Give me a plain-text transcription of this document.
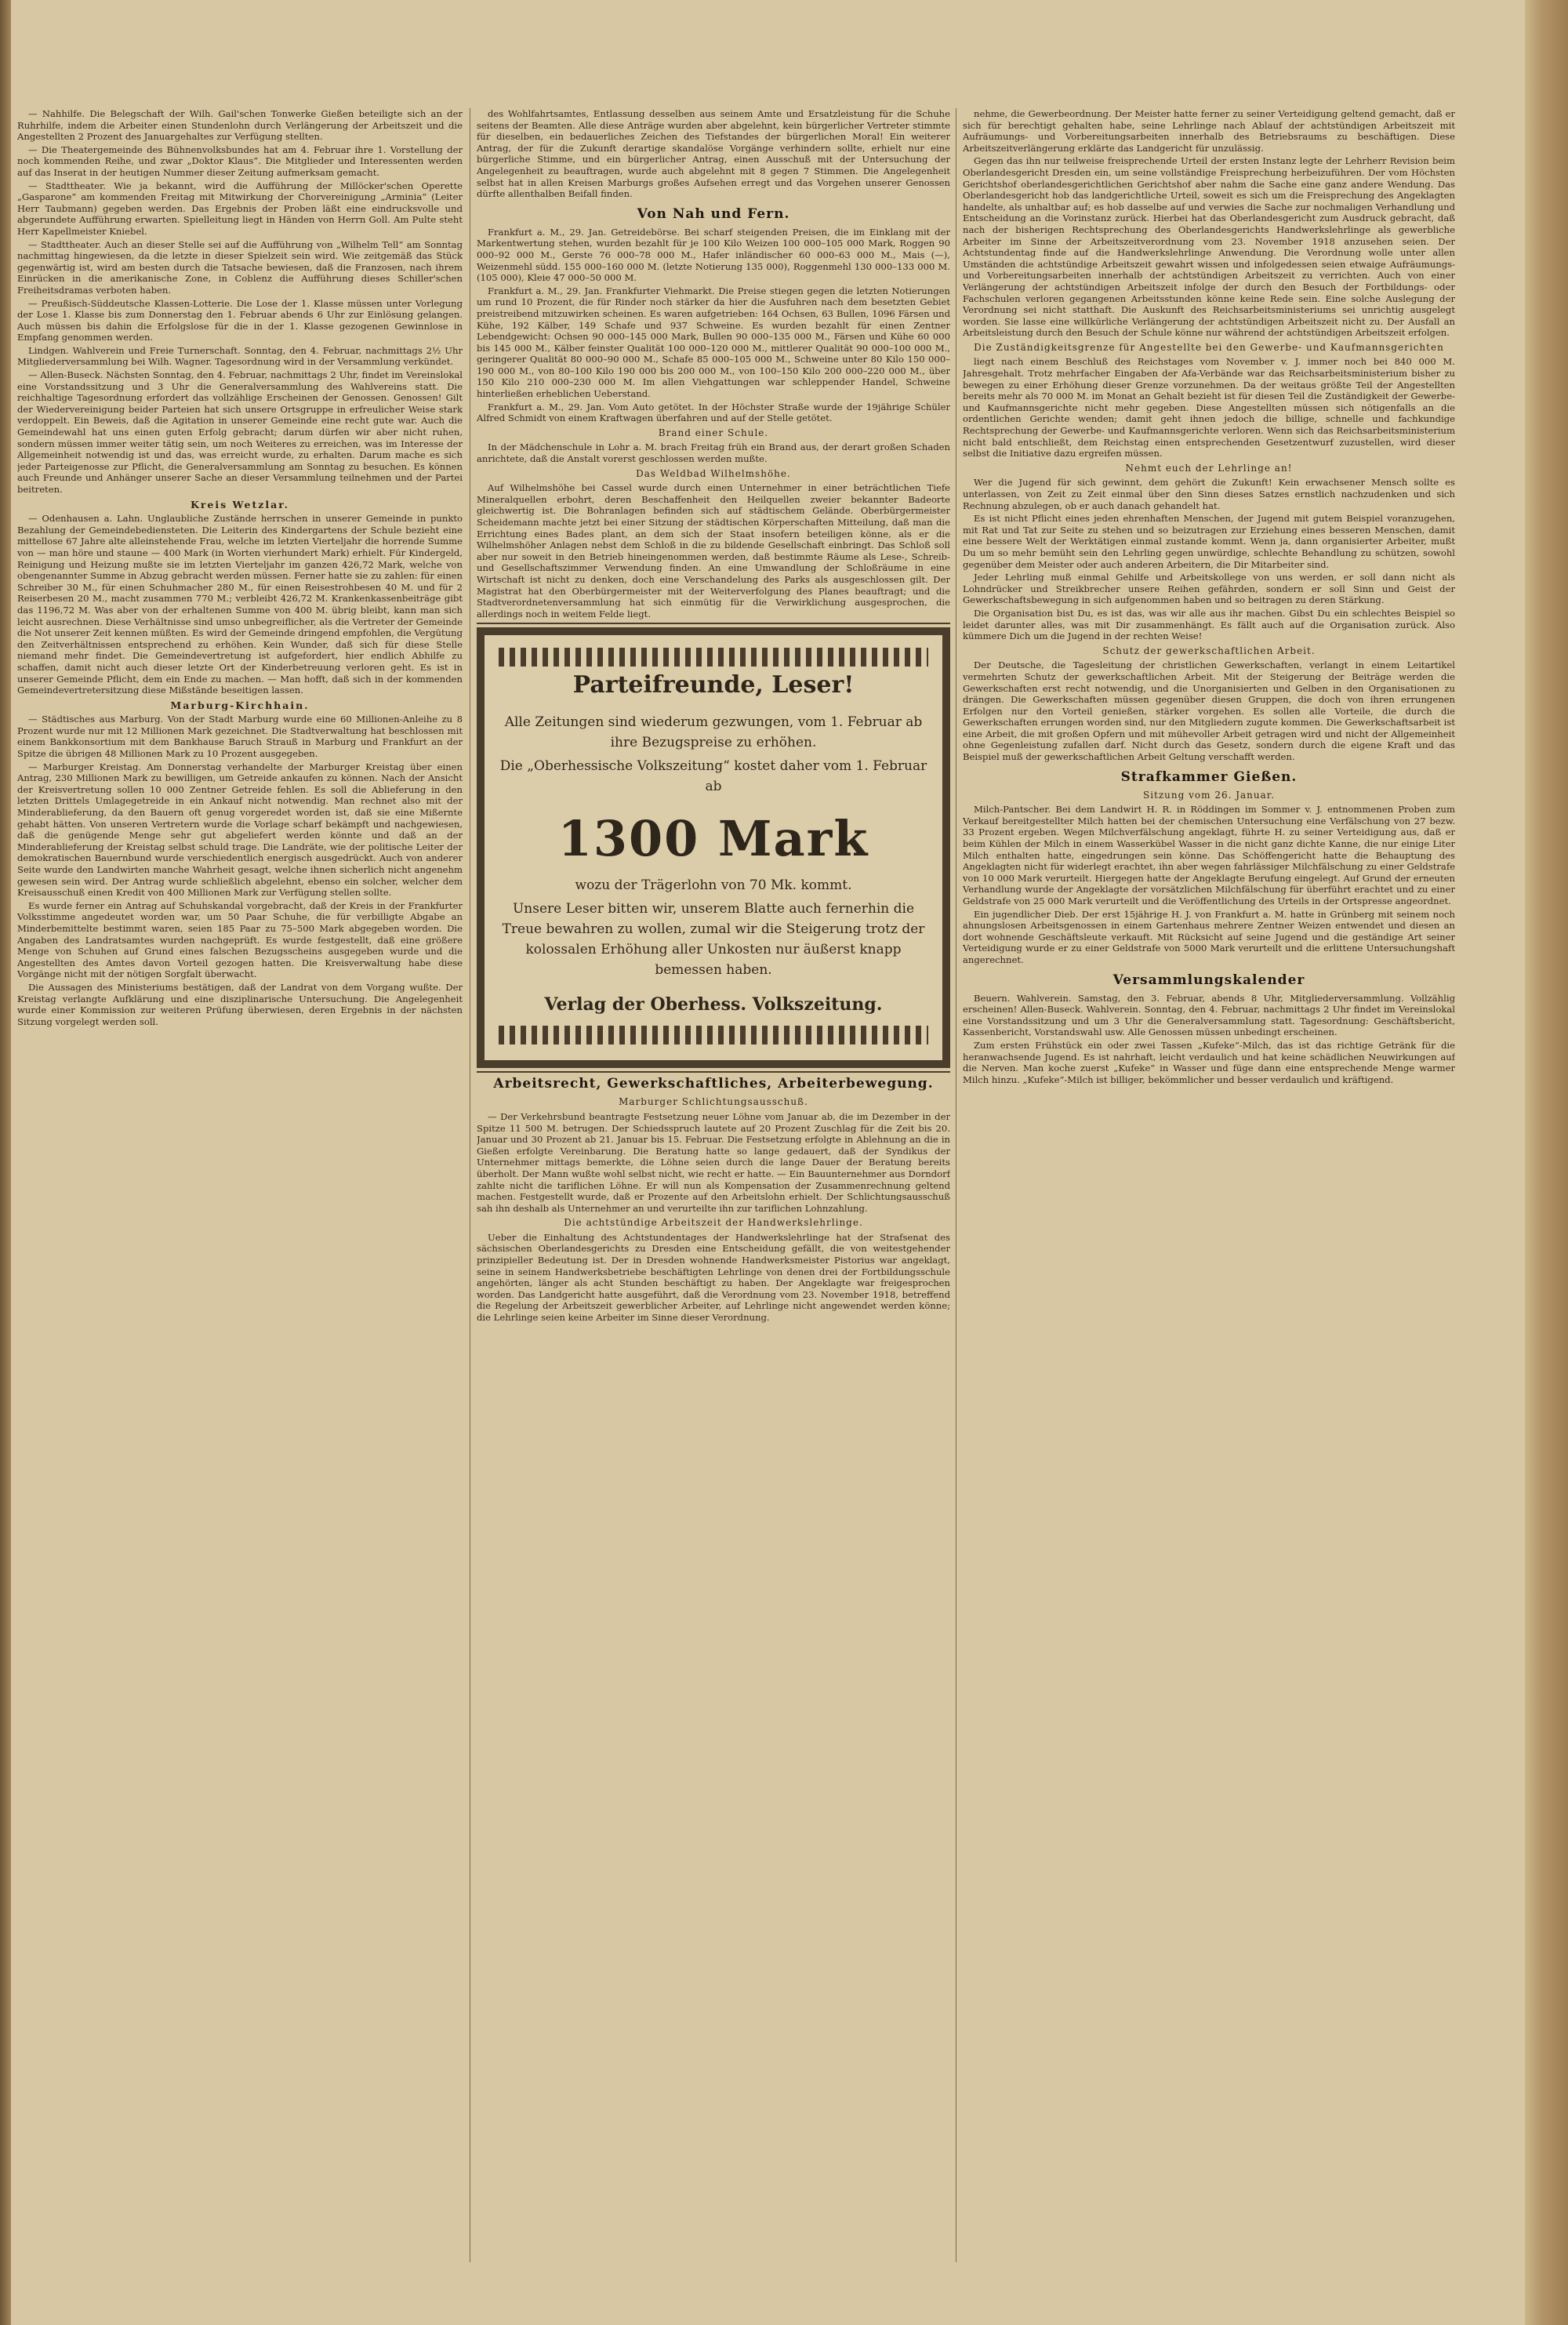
— Nahhilfe. Die Belegschaft der Wilh. Gail'schen Tonwerke Gießen beteiligte sich an der Ruhrhilfe, indem die Arbeiter einen Stundenlohn durch Verlängerung der Arbeitszeit und die Angestellten 2 Prozent des Januargehaltes zur Verfügung stellten.

— Die Theatergemeinde des Bühnenvolksbundes hat am 4. Februar ihre 1. Vorstellung der noch kommenden Reihe, und zwar „Doktor Klaus“. Die Mitglieder und Interessenten werden auf das Inserat in der heutigen Nummer dieser Zeitung aufmerksam gemacht.

— Stadttheater. Wie ja bekannt, wird die Aufführung der Millöcker'schen Operette „Gasparone“ am kommenden Freitag mit Mitwirkung der Chorvereinigung „Arminia“ (Leiter Herr Taubmann) gegeben werden. Das Ergebnis der Proben läßt eine eindrucksvolle und abgerundete Aufführung erwarten. Spielleitung liegt in Händen von Herrn Goll. Am Pulte steht Herr Kapellmeister Kniebel.

— Stadttheater. Auch an dieser Stelle sei auf die Aufführung von „Wilhelm Tell“ am Sonntag nachmittag hingewiesen, da die letzte in dieser Spielzeit sein wird. Wie zeitgemäß das Stück gegenwärtig ist, wird am besten durch die Tatsache bewiesen, daß die Franzosen, nach ihrem Einrücken in die amerikanische Zone, in Coblenz die Aufführung dieses Schiller'schen Freiheitsdramas verboten haben.

— Preußisch-Süddeutsche Klassen-Lotterie. Die Lose der 1. Klasse müssen unter Vorlegung der Lose 1. Klasse bis zum Donnerstag den 1. Februar abends 6 Uhr zur Einlösung gelangen. Auch müssen bis dahin die Erfolgslose für die in der 1. Klasse gezogenen Gewinnlose in Empfang genommen werden.

Lindgen. Wahlverein und Freie Turnerschaft. Sonntag, den 4. Februar, nachmittags 2½ Uhr Mitgliederversammlung bei Wilh. Wagner. Tagesordnung wird in der Versammlung verkündet.

— Allen-Buseck. Nächsten Sonntag, den 4. Februar, nachmittags 2 Uhr, findet im Vereinslokal eine Vorstandssitzung und 3 Uhr die Generalversammlung des Wahlvereins statt. Die reichhaltige Tagesordnung erfordert das vollzählige Erscheinen der Genossen. Genossen! Gilt der Wiedervereinigung beider Parteien hat sich unsere Ortsgruppe in erfreulicher Weise stark verdoppelt. Ein Beweis, daß die Agitation in unserer Gemeinde eine recht gute war. Auch die Gemeindewahl hat uns einen guten Erfolg gebracht; darum dürfen wir aber nicht ruhen, sondern müssen immer weiter tätig sein, um noch Weiteres zu erreichen, was im Interesse der Allgemeinheit notwendig ist und das, was erreicht wurde, zu erhalten. Darum mache es sich jeder Parteigenosse zur Pflicht, die Generalversammlung am Sonntag zu besuchen. Es können auch Freunde und Anhänger unserer Sache an dieser Versammlung teilnehmen und der Partei beitreten.

Kreis Wetzlar.

— Odenhausen a. Lahn. Unglaubliche Zustände herrschen in unserer Gemeinde in punkto Bezahlung der Gemeindebediensteten. Die Leiterin des Kindergartens der Schule bezieht eine mittellose 67 Jahre alte alleinstehende Frau, welche im letzten Vierteljahr die horrende Summe von — man höre und staune — 400 Mark (in Worten vierhundert Mark) erhielt. Für Kindergeld, Reinigung und Heizung mußte sie im letzten Vierteljahr im ganzen 426,72 Mark, welche von obengenannter Summe in Abzug gebracht werden müssen. Ferner hatte sie zu zahlen: für einen Schreiber 30 M., für einen Schuhmacher 280 M., für einen Reisestrohbesen 40 M. und für 2 Reiserbesen 20 M., macht zusammen 770 M.; verbleibt 426,72 M. Krankenkassenbeiträge gibt das 1196,72 M. Was aber von der erhaltenen Summe von 400 M. übrig bleibt, kann man sich leicht ausrechnen. Diese Verhältnisse sind umso unbegreiflicher, als die Vertreter der Gemeinde die Not unserer Zeit kennen müßten. Es wird der Gemeinde dringend empfohlen, die Vergütung den Zeitverhältnissen entsprechend zu erhöhen. Kein Wunder, daß sich für diese Stelle niemand mehr findet. Die Gemeindevertretung ist aufgefordert, hier endlich Abhilfe zu schaffen, damit nicht auch dieser letzte Ort der Kinderbetreuung verloren geht. Es ist in unserer Gemeinde Pflicht, dem ein Ende zu machen. — Man hofft, daß sich in der kommenden Gemeindevertretersitzung diese Mißstände beseitigen lassen.

Marburg-Kirchhain.

— Städtisches aus Marburg. Von der Stadt Marburg wurde eine 60 Millionen-Anleihe zu 8 Prozent wurde nur mit 12 Millionen Mark gezeichnet. Die Stadtverwaltung hat beschlossen mit einem Bankkonsortium mit dem Bankhause Baruch Strauß in Marburg und Frankfurt an der Spitze die übrigen 48 Millionen Mark zu 10 Prozent ausgegeben.

— Marburger Kreistag. Am Donnerstag verhandelte der Marburger Kreistag über einen Antrag, 230 Millionen Mark zu bewilligen, um Getreide ankaufen zu können. Nach der Ansicht der Kreisvertretung sollen 10 000 Zentner Getreide fehlen. Es soll die Ablieferung in den letzten Drittels Umlagegetreide in ein Ankauf nicht notwendig. Man rechnet also mit der Minderablieferung, da den Bauern oft genug vorgeredet worden ist, daß sie eine Mißernte gehabt hätten. Von unseren Vertretern wurde die Vorlage scharf bekämpft und nachgewiesen, daß die genügende Menge sehr gut abgeliefert werden könnte und daß an der Minderablieferung der Kreistag selbst schuld trage. Die Landräte, wie der politische Leiter der demokratischen Bauernbund wurde verschiedentlich energisch ausgedrückt. Auch von anderer Seite wurde den Landwirten manche Wahrheit gesagt, welche ihnen sicherlich nicht angenehm gewesen sein wird. Der Antrag wurde schließlich abgelehnt, ebenso ein solcher, welcher dem Kreisausschuß einen Kredit von 400 Millionen Mark zur Verfügung stellen sollte.

Es wurde ferner ein Antrag auf Schuhskandal vorgebracht, daß der Kreis in der Frankfurter Volksstimme angedeutet worden war, um 50 Paar Schuhe, die für verbilligte Abgabe an Minderbemittelte bestimmt waren, seien 185 Paar zu 75–500 Mark abgegeben worden. Die Angaben des Landratsamtes wurden nachgeprüft. Es wurde festgestellt, daß eine größere Menge von Schuhen auf Grund eines falschen Bezugsscheins ausgegeben wurde und die Angestellten des Amtes davon Vorteil gezogen hatten. Die Kreisverwaltung habe diese Vorgänge nicht mit der nötigen Sorgfalt überwacht.

Die Aussagen des Ministeriums bestätigen, daß der Landrat von dem Vorgang wußte. Der Kreistag verlangte Aufklärung und eine disziplinarische Untersuchung. Die Angelegenheit wurde einer Kommission zur weiteren Prüfung überwiesen, deren Ergebnis in der nächsten Sitzung vorgelegt werden soll.

des Wohlfahrtsamtes, Entlassung desselben aus seinem Amte und Ersatzleistung für die Schuhe seitens der Beamten. Alle diese Anträge wurden aber abgelehnt, kein bürgerlicher Vertreter stimmte für dieselben, ein bedauerliches Zeichen des Tiefstandes der bürgerlichen Moral! Ein weiterer Antrag, der für die Zukunft derartige skandalöse Vorgänge verhindern sollte, erhielt nur eine bürgerliche Stimme, und ein bürgerlicher Antrag, einen Ausschuß mit der Untersuchung der Angelegenheit zu beauftragen, wurde auch abgelehnt mit 8 gegen 7 Stimmen. Die Angelegenheit selbst hat in allen Kreisen Marburgs großes Aufsehen erregt und das Vorgehen unserer Genossen dürfte allenthalben Beifall finden.

Von Nah und Fern.

Frankfurt a. M., 29. Jan. Getreidebörse. Bei scharf steigenden Preisen, die im Einklang mit der Markentwertung stehen, wurden bezahlt für je 100 Kilo Weizen 100 000–105 000 Mark, Roggen 90 000–92 000 M., Gerste 76 000–78 000 M., Hafer inländischer 60 000–63 000 M., Mais (—), Weizenmehl südd. 155 000–160 000 M. (letzte Notierung 135 000), Roggenmehl 130 000–133 000 M. (105 000), Kleie 47 000–50 000 M.

Frankfurt a. M., 29. Jan. Frankfurter Viehmarkt. Die Preise stiegen gegen die letzten Notierungen um rund 10 Prozent, die für Rinder noch stärker da hier die Ausfuhren nach dem besetzten Gebiet preistreibend mitzuwirken scheinen. Es waren aufgetrieben: 164 Ochsen, 63 Bullen, 1096 Färsen und Kühe, 192 Kälber, 149 Schafe und 937 Schweine. Es wurden bezahlt für einen Zentner Lebendgewicht: Ochsen 90 000–145 000 Mark, Bullen 90 000–135 000 M., Färsen und Kühe 60 000 bis 145 000 M., Kälber feinster Qualität 100 000–120 000 M., mittlerer Qualität 90 000–100 000 M., geringerer Qualität 80 000–90 000 M., Schafe 85 000–105 000 M., Schweine unter 80 Kilo 150 000–190 000 M., von 80–100 Kilo 190 000 bis 200 000 M., von 100–150 Kilo 200 000–220 000 M., über 150 Kilo 210 000–230 000 M. Im allen Viehgattungen war schleppender Handel, Schweine hinterließen erheblichen Ueberstand.

Frankfurt a. M., 29. Jan. Vom Auto getötet. In der Höchster Straße wurde der 19jährige Schüler Alfred Schmidt von einem Kraftwagen überfahren und auf der Stelle getötet.

Brand einer Schule.

In der Mädchenschule in Lohr a. M. brach Freitag früh ein Brand aus, der derart großen Schaden anrichtete, daß die Anstalt vorerst geschlossen werden mußte.

Das Weldbad Wilhelmshöhe.

Auf Wilhelmshöhe bei Cassel wurde durch einen Unternehmer in einer beträchtlichen Tiefe Mineralquellen erbohrt, deren Beschaffenheit den Heilquellen zweier bekannter Badeorte gleichwertig ist. Die Bohranlagen befinden sich auf städtischem Gelände. Oberbürgermeister Scheidemann machte jetzt bei einer Sitzung der städtischen Körperschaften Mitteilung, daß man die Errichtung eines Bades plant, an dem sich der Staat insofern beteiligen könne, als er die Wilhelmshöher Anlagen nebst dem Schloß in die zu bildende Gesellschaft einbringt. Das Schloß soll aber nur soweit in den Betrieb hineingenommen werden, daß bestimmte Räume als Lese-, Schreib- und Gesellschaftszimmer Verwendung finden. An eine Umwandlung der Schloßräume in eine Wirtschaft ist nicht zu denken, doch eine Verschandelung des Parks als ausgeschlossen gilt. Der Magistrat hat den Oberbürgermeister mit der Weiterverfolgung des Planes beauftragt; und die Stadtverordnetenversammlung hat sich einmütig für die Verwirklichung ausgesprochen, die allerdings noch in weitem Felde liegt.

Parteifreunde, Leser!
Alle Zeitungen sind wiederum gezwungen, vom 1. Februar ab ihre Bezugspreise zu erhöhen.
Die „Oberhessische Volkszeitung“ kostet daher vom 1. Februar ab
1300 Mark
wozu der Trägerlohn von 70 Mk. kommt.
Unsere Leser bitten wir, unserem Blatte auch fernerhin die Treue bewahren zu wollen, zumal wir die Steigerung trotz der kolossalen Erhöhung aller Unkosten nur äußerst knapp bemessen haben.
Verlag der Oberhess. Volkszeitung.
Arbeitsrecht, Gewerkschaftliches, Arbeiterbewegung.
Marburger Schlichtungsausschuß.

— Der Verkehrsbund beantragte Festsetzung neuer Löhne vom Januar ab, die im Dezember in der Spitze 11 500 M. betrugen. Der Schiedsspruch lautete auf 20 Prozent Zuschlag für die Zeit bis 20. Januar und 30 Prozent ab 21. Januar bis 15. Februar. Die Festsetzung erfolgte in Ablehnung an die in Gießen erfolgte Vereinbarung. Die Beratung hatte so lange gedauert, daß der Syndikus der Unternehmer mittags bemerkte, die Löhne seien durch die lange Dauer der Beratung bereits überholt. Der Mann wußte wohl selbst nicht, wie recht er hatte. — Ein Bauunternehmer aus Dorndorf zahlte nicht die tariflichen Löhne. Er will nun als Kompensation der Zusammenrechnung geltend machen. Festgestellt wurde, daß er Prozente auf den Arbeitslohn erhielt. Der Schlichtungsausschuß sah ihn deshalb als Unternehmer an und verurteilte ihn zur tariflichen Lohnzahlung.

Die achtstündige Arbeitszeit der Handwerkslehrlinge.

Ueber die Einhaltung des Achtstundentages der Handwerkslehrlinge hat der Strafsenat des sächsischen Oberlandesgerichts zu Dresden eine Entscheidung gefällt, die von weitestgehender prinzipieller Bedeutung ist. Der in Dresden wohnende Handwerksmeister Pistorius war angeklagt, seine in seinem Handwerksbetriebe beschäftigten Lehrlinge von denen drei der Fortbildungsschule angehörten, länger als acht Stunden beschäftigt zu haben. Der Angeklagte war freigesprochen worden. Das Landgericht hatte ausgeführt, daß die Verordnung vom 23. November 1918, betreffend die Regelung der Arbeitszeit gewerblicher Arbeiter, auf Lehrlinge nicht angewendet werden könne; die Lehrlinge seien keine Arbeiter im Sinne dieser Verordnung.

nehme, die Gewerbeordnung. Der Meister hatte ferner zu seiner Verteidigung geltend gemacht, daß er sich für berechtigt gehalten habe, seine Lehrlinge nach Ablauf der achtstündigen Arbeitszeit mit Aufräumungs- und Vorbereitungsarbeiten innerhalb des Betriebsraums zu beschäftigen. Diese Arbeitszeitverlängerung erklärte das Landgericht für unzulässig.

Gegen das ihn nur teilweise freisprechende Urteil der ersten Instanz legte der Lehrherr Revision beim Oberlandesgericht Dresden ein, um seine vollständige Freisprechung herbeizuführen. Der vom Höchsten Gerichtshof oberlandesgerichtlichen Gerichtshof aber nahm die Sache eine ganz andere Wendung. Das Oberlandesgericht hob das landgerichtliche Urteil, soweit es sich um die Freisprechung des Angeklagten handelte, als unhaltbar auf; es hob dasselbe auf und verwies die Sache zur nochmaligen Verhandlung und Entscheidung an die Vorinstanz zurück. Hierbei hat das Oberlandesgericht zum Ausdruck gebracht, daß nach der bisherigen Rechtsprechung des Oberlandesgerichts Handwerkslehrlinge als gewerbliche Arbeiter im Sinne der Arbeitszeitverordnung vom 23. November 1918 anzusehen seien. Der Achtstundentag finde auf die Handwerkslehrlinge Anwendung. Die Verordnung wolle unter allen Umständen die achtstündige Arbeitszeit gewahrt wissen und infolgedessen seien etwaige Aufräumungs- und Vorbereitungsarbeiten innerhalb der achtstündigen Arbeitszeit zu verrichten. Auch von einer Verlängerung der achtstündigen Arbeitszeit infolge der durch den Besuch der Fortbildungs- oder Fachschulen verloren gegangenen Arbeitsstunden könne keine Rede sein. Eine solche Auslegung der Verordnung sei nicht statthaft. Die Auskunft des Reichsarbeitsministeriums sei unrichtig ausgelegt worden. Sie lasse eine willkürliche Verlängerung der achtstündigen Arbeitszeit nicht zu. Der Ausfall an Arbeitsleistung durch den Besuch der Schule könne nur während der achtstündigen Arbeitszeit erfolgen.

Die Zuständigkeitsgrenze für Angestellte bei den Gewerbe- und Kaufmannsgerichten

liegt nach einem Beschluß des Reichstages vom November v. J. immer noch bei 840 000 M. Jahresgehalt. Trotz mehrfacher Eingaben der Afa-Verbände war das Reichsarbeitsministerium bisher zu bewegen zu einer Erhöhung dieser Grenze vorzunehmen. Da der weitaus größte Teil der Angestellten bereits mehr als 70 000 M. im Monat an Gehalt bezieht ist für diesen Teil die Zuständigkeit der Gewerbe- und Kaufmannsgerichte nicht mehr gegeben. Diese Angestellten müssen sich nötigenfalls an die ordentlichen Gerichte wenden; damit geht ihnen jedoch die billige, schnelle und fachkundige Rechtsprechung der Gewerbe- und Kaufmannsgerichte verloren. Wenn sich das Reichsarbeitsministerium nicht bald entschließt, dem Reichstag einen entsprechenden Gesetzentwurf zuzustellen, wird dieser selbst die Initiative dazu ergreifen müssen.

Nehmt euch der Lehrlinge an!

Wer die Jugend für sich gewinnt, dem gehört die Zukunft! Kein erwachsener Mensch sollte es unterlassen, von Zeit zu Zeit einmal über den Sinn dieses Satzes ernstlich nachzudenken und sich Rechnung abzulegen, ob er auch danach gehandelt hat.

Es ist nicht Pflicht eines jeden ehrenhaften Menschen, der Jugend mit gutem Beispiel voranzugehen, mit Rat und Tat zur Seite zu stehen und so beizutragen zur Erziehung eines besseren Menschen, damit eine bessere Welt der Werktätigen einmal zustande kommt. Wenn ja, dann organisierter Arbeiter, mußt Du um so mehr bemüht sein den Lehrling gegen unwürdige, schlechte Behandlung zu schützen, sowohl gegenüber dem Meister oder auch anderen Arbeitern, die Dir Mitarbeiter sind.

Jeder Lehrling muß einmal Gehilfe und Arbeitskollege von uns werden, er soll dann nicht als Lohndrücker und Streikbrecher unsere Reihen gefährden, sondern er soll Sinn und Geist der Gewerkschaftsbewegung in sich aufgenommen haben und so beitragen zu deren Stärkung.

Die Organisation bist Du, es ist das, was wir alle aus ihr machen. Gibst Du ein schlechtes Beispiel so leidet darunter alles, was mit Dir zusammenhängt. Es fällt auch auf die Organisation zurück. Also kümmere Dich um die Jugend in der rechten Weise!

Schutz der gewerkschaftlichen Arbeit.

Der Deutsche, die Tagesleitung der christlichen Gewerkschaften, verlangt in einem Leitartikel vermehrten Schutz der gewerkschaftlichen Arbeit. Mit der Steigerung der Beiträge werden die Gewerkschaften erst recht notwendig, und die Unorganisierten und Gelben in den Organisationen zu drängen. Die Gewerkschaften müssen gegenüber diesen Gruppen, die doch von ihren errungenen Erfolgen nur den Vorteil genießen, stärker vorgehen. Es sollen alle Vorteile, die durch die Gewerkschaften errungen worden sind, nur den Mitgliedern zugute kommen. Die Gewerkschaftsarbeit ist eine Arbeit, die mit großen Opfern und mit mühevoller Arbeit getragen wird und nicht der Allgemeinheit ohne Gegenleistung zufallen darf. Nicht durch das Gesetz, sondern durch die eigene Kraft und das Beispiel muß der gewerkschaftlichen Arbeit Geltung verschafft werden.

Strafkammer Gießen.
Sitzung vom 26. Januar.

Milch-Pantscher. Bei dem Landwirt H. R. in Röddingen im Sommer v. J. entnommenen Proben zum Verkauf bereitgestellter Milch hatten bei der chemischen Untersuchung eine Verfälschung von 27 bezw. 33 Prozent ergeben. Wegen Milchverfälschung angeklagt, führte H. zu seiner Verteidigung aus, daß er beim Kühlen der Milch in einem Wasserkübel Wasser in die nicht ganz dichte Kanne, die nur einige Liter Milch enthalten hatte, eingedrungen sein könne. Das Schöffengericht hatte die Behauptung des Angeklagten nicht für widerlegt erachtet, ihn aber wegen fahrlässiger Milchfälschung zu einer Geldstrafe von 10 000 Mark verurteilt. Hiergegen hatte der Angeklagte Berufung eingelegt. Auf Grund der erneuten Verhandlung wurde der Angeklagte der vorsätzlichen Milchfälschung für überführt erachtet und zu einer Geldstrafe von 25 000 Mark verurteilt und die Veröffentlichung des Urteils in der Ortspresse angeordnet.

Ein jugendlicher Dieb. Der erst 15jährige H. J. von Frankfurt a. M. hatte in Grünberg mit seinem noch ahnungslosen Arbeitsgenossen in einem Gartenhaus mehrere Zentner Weizen entwendet und diesen an dort wohnende Geschäftsleute verkauft. Mit Rücksicht auf seine Jugend und die geständige Art seiner Verteidigung wurde er zu einer Geldstrafe von 5000 Mark verurteilt und die erlittene Untersuchungshaft angerechnet.

Versammlungskalender

Beuern. Wahlverein. Samstag, den 3. Februar, abends 8 Uhr, Mitgliederversammlung. Vollzählig erscheinen! Allen-Buseck. Wahlverein. Sonntag, den 4. Februar, nachmittags 2 Uhr findet im Vereinslokal eine Vorstandssitzung und um 3 Uhr die Generalversammlung statt. Tagesordnung: Geschäftsbericht, Kassenbericht, Vorstandswahl usw. Alle Genossen müssen unbedingt erscheinen.

Zum ersten Frühstück ein oder zwei Tassen „Kufeke“-Milch, das ist das richtige Getränk für die heranwachsende Jugend. Es ist nahrhaft, leicht verdaulich und hat keine schädlichen Neuwirkungen auf die Nerven. Man koche zuerst „Kufeke“ in Wasser und füge dann eine entsprechende Menge warmer Milch hinzu. „Kufeke“-Milch ist billiger, bekömmlicher und besser verdaulich und kräftigend.
